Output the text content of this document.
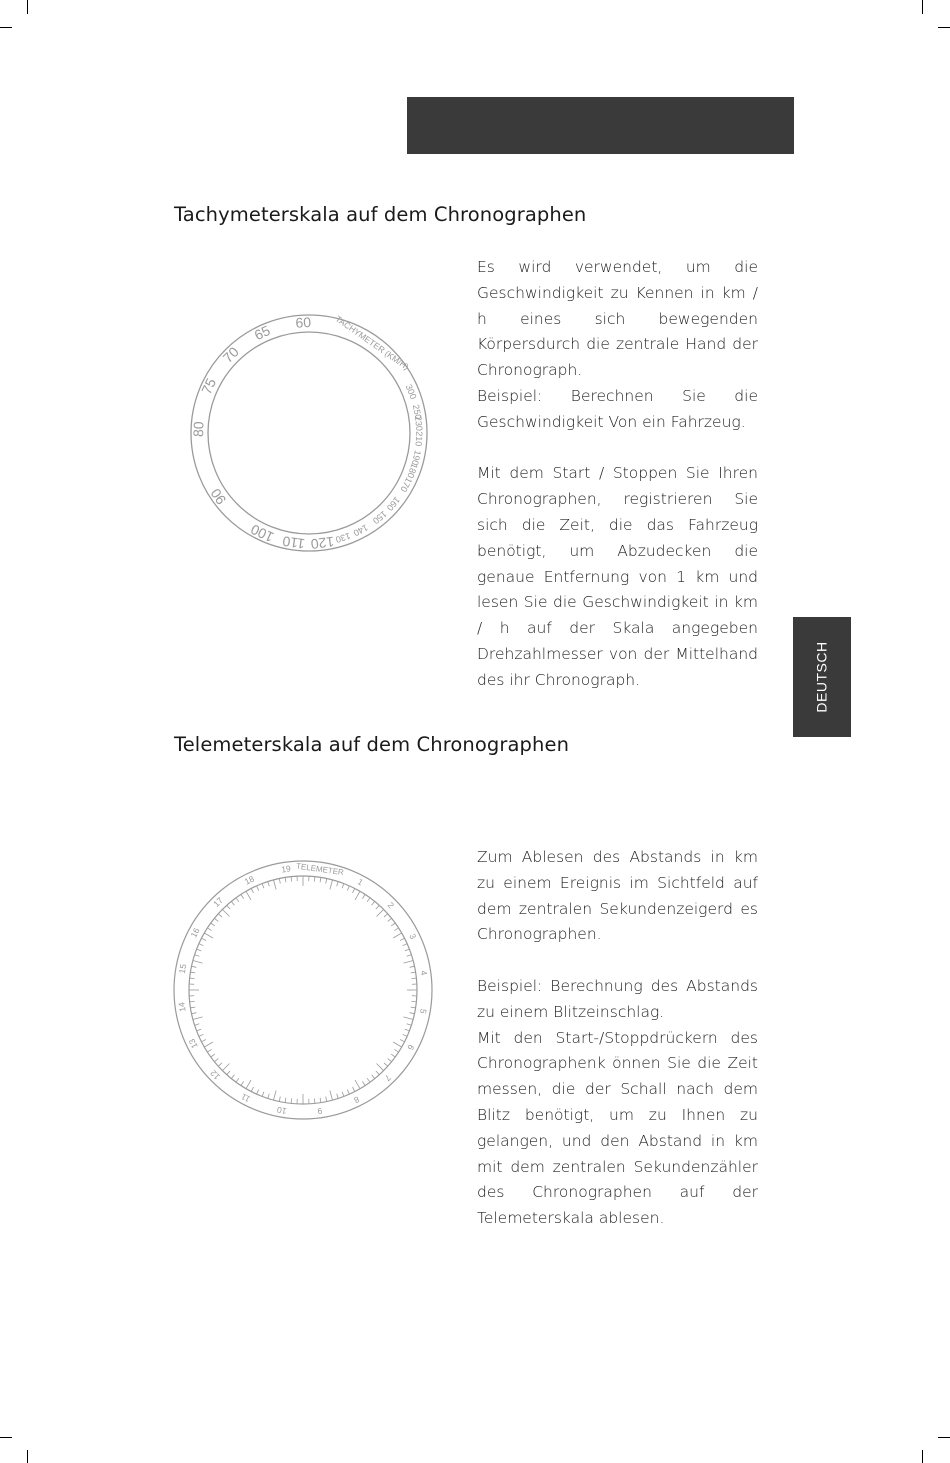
Tachymeterskala auf dem Chronographen
60
65
70
75
80
90
100 110 120 130 140
150
160
170
180
190
210
230
250
300
TACHYMETER (KM/H)

Es wird verwendet, um die Geschwindigkeit zu Kennen in km / h eines sich bewegenden Körpersdurch die zentrale Hand der Chronograph.

Beispiel: Berechnen Sie die Geschwindigkeit Von ein Fahrzeug.

Mit dem Start / Stoppen Sie Ihren Chronographen, registrieren Sie sich die Zeit, die das Fahrzeug benötigt, um Abzudecken die genaue Entfernung von 1 km und lesen Sie die Geschwindigkeit in km / h auf der Skala angegeben Drehzahlmesser von der Mittelhand des ihr Chronograph.

Telemeterskala auf dem Chronographen
1
2
3
4
5
6
7
8
9
10
11
12
13
14
15
16
17
18
19 TELEMETER

Zum Ablesen des Abstands in km zu einem Ereignis im Sichtfeld auf dem zentralen Sekundenzeigerd es Chronographen.

Beispiel: Berechnung des Abstands zu einem Blitzeinschlag.

Mit den Start-/Stoppdrückern des Chronographenk önnen Sie die Zeit messen, die der Schall nach dem Blitz benötigt, um zu Ihnen zu gelangen, und den Abstand in km mit dem zentralen Sekundenzähler des Chronographen auf der Telemeterskala ablesen.

DEUTSCH
